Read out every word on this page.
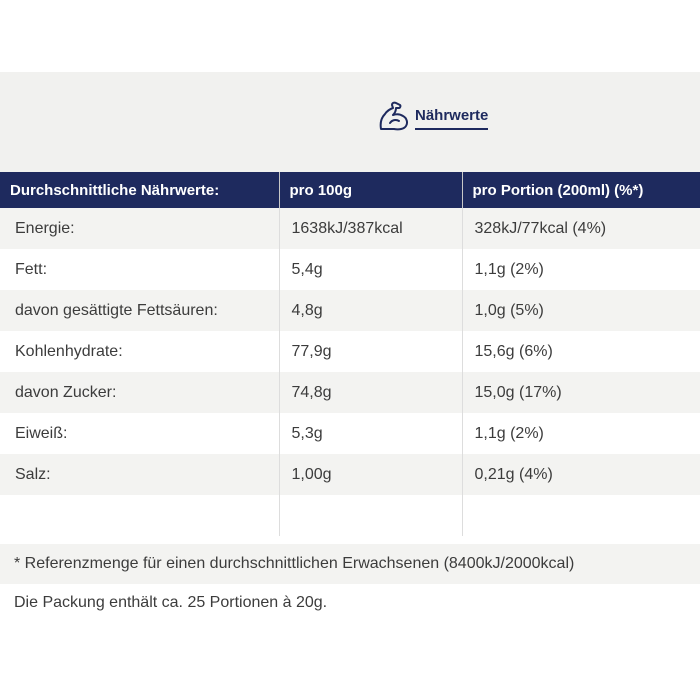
Nährwerte
Durchschnittliche Nährwerte:	pro 100g	pro Portion (200ml) (%*)
Energie:	1638kJ/387kcal	328kJ/77kcal (4%)
Fett:	5,4g	1,1g (2%)
davon gesättigte Fettsäuren:	4,8g	1,0g (5%)
Kohlenhydrate:	77,9g	15,6g (6%)
davon Zucker:	74,8g	15,0g (17%)
Eiweiß:	5,3g	1,1g (2%)
Salz:	1,00g	0,21g (4%)

* Referenzmenge für einen durchschnittlichen Erwachsenen (8400kJ/2000kcal)
Die Packung enthält ca. 25 Portionen à 20g.
